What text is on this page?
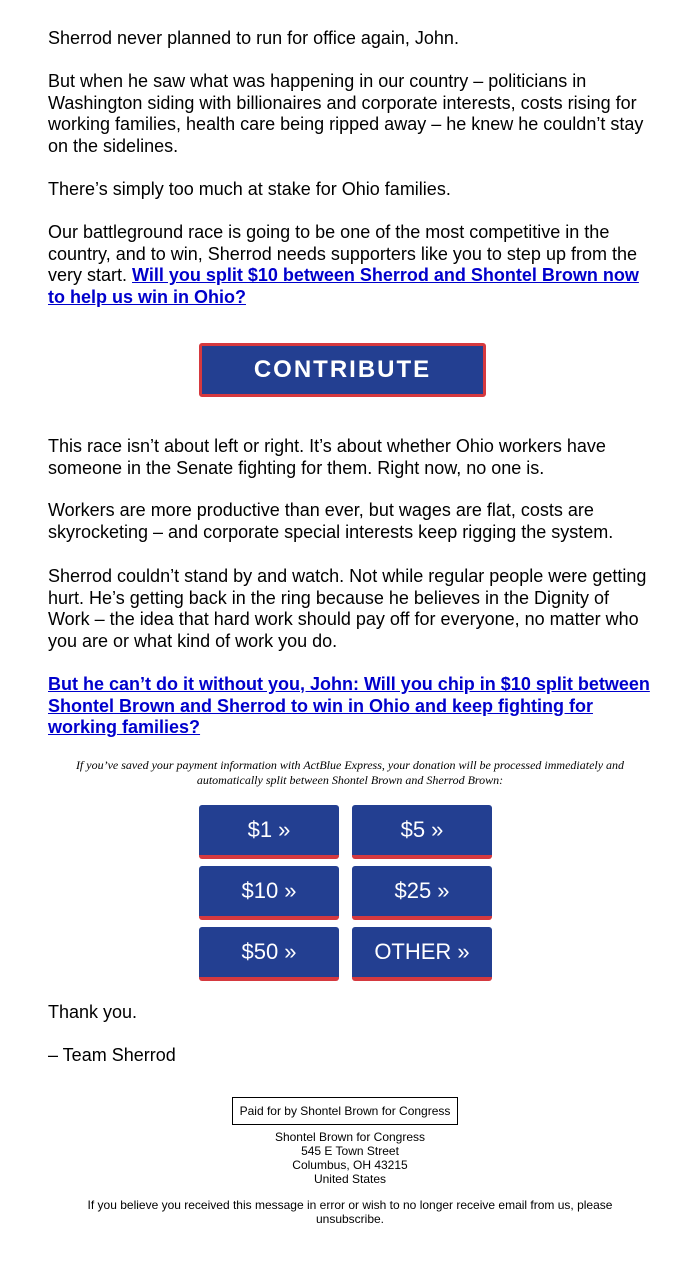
Sherrod never planned to run for office again, John.

But when he saw what was happening in our country – politicians in Washington siding with billionaires and corporate interests, costs rising for working families, health care being ripped away – he knew he couldn’t stay on the sidelines.

There’s simply too much at stake for Ohio families.

Our battleground race is going to be one of the most competitive in the country, and to win, Sherrod needs supporters like you to step up from the very start. Will you split $10 between Sherrod and Shontel Brown now to help us win in Ohio?

This race isn’t about left or right. It’s about whether Ohio workers have someone in the Senate fighting for them. Right now, no one is.

Workers are more productive than ever, but wages are flat, costs are skyrocketing – and corporate special interests keep rigging the system.

Sherrod couldn’t stand by and watch. Not while regular people were getting hurt. He’s getting back in the ring because he believes in the Dignity of Work – the idea that hard work should pay off for everyone, no matter who you are or what kind of work you do.

But he can’t do it without you, John: Will you chip in $10 split between Shontel Brown and Sherrod to win in Ohio and keep fighting for working families?

Thank you.

– Team Sherrod

CONTRIBUTE
If you’ve saved your payment information with ActBlue Express, your donation will be processed immediately and automatically split between Shontel Brown and Sherrod Brown:
$1 »	$5 »
$10 »	$25 »
$50 »	OTHER »
Paid for by Shontel Brown for Congress
Shontel Brown for Congress
545 E Town Street
Columbus, OH 43215
United States
If you believe you received this message in error or wish to no longer receive email from us, please unsubscribe.
